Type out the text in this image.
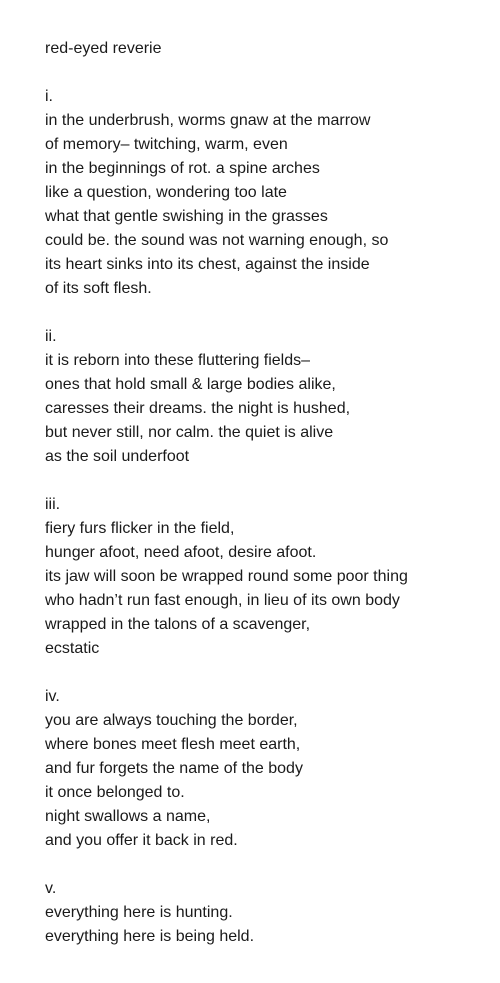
red-eyed reverie
i.
in the underbrush, worms gnaw at the marrow
of memory– twitching, warm, even
in the beginnings of rot. a spine arches
like a question, wondering too late
what that gentle swishing in the grasses
could be. the sound was not warning enough, so
its heart sinks into its chest, against the inside
of its soft flesh.
ii.
it is reborn into these fluttering fields–
ones that hold small & large bodies alike,
caresses their dreams. the night is hushed,
but never still, nor calm. the quiet is alive
as the soil underfoot
iii.
fiery furs flicker in the field,
hunger afoot, need afoot, desire afoot.
its jaw will soon be wrapped round some poor thing
who hadn’t run fast enough, in lieu of its own body
wrapped in the talons of a scavenger,
ecstatic
iv.
you are always touching the border,
where bones meet flesh meet earth,
and fur forgets the name of the body
it once belonged to.
night swallows a name,
and you offer it back in red.
v.
everything here is hunting.
everything here is being held.
